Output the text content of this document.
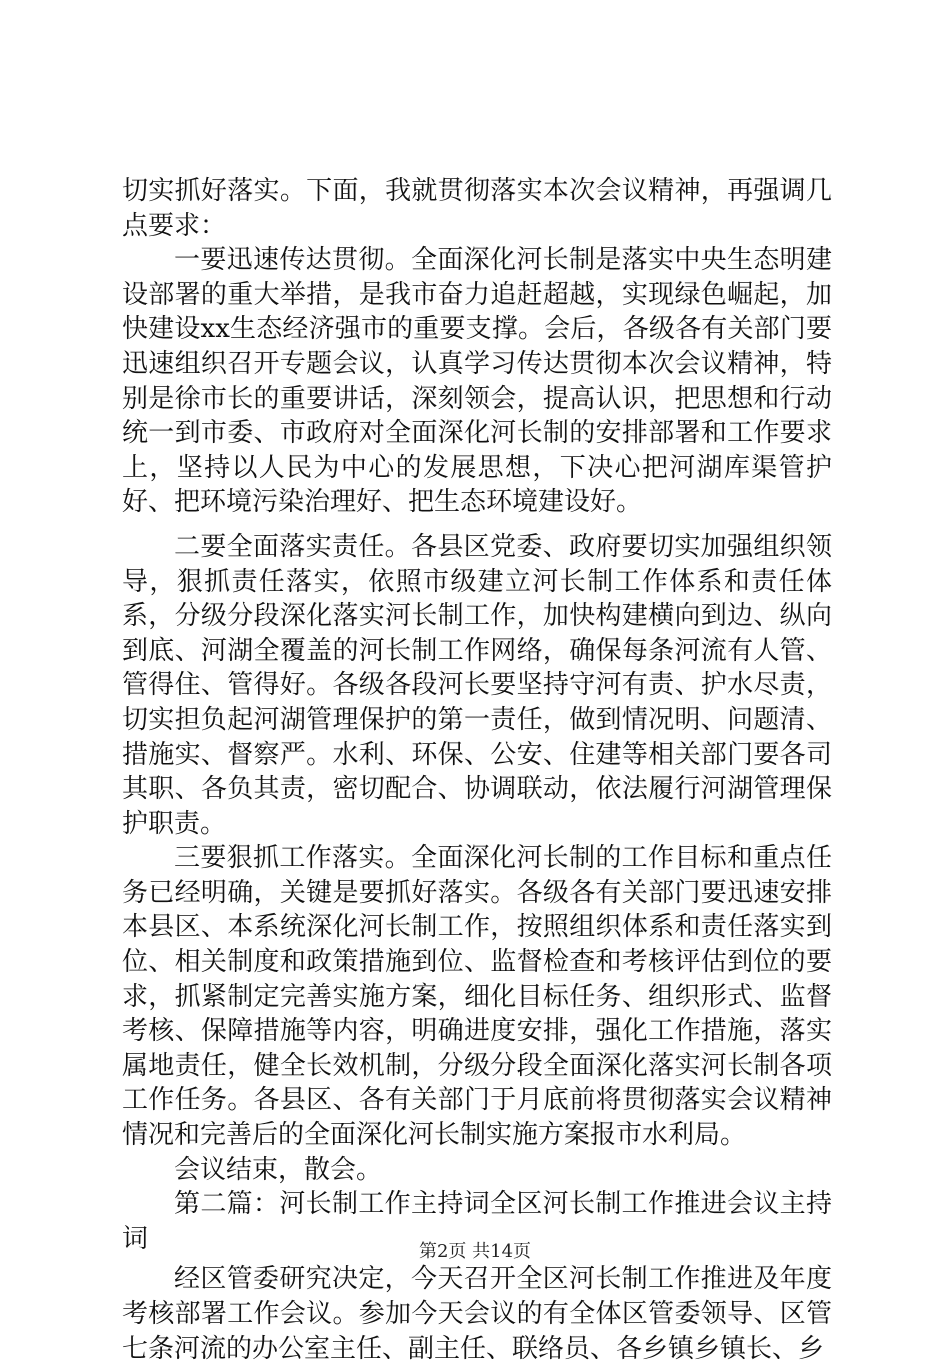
切实抓好落实。下面，我就贯彻落实本次会议精神，再强调几点要求：

一要迅速传达贯彻。全面深化河长制是落实中央生态明建设部署的重大举措，是我市奋力追赶超越，实现绿色崛起，加快建设xx生态经济强市的重要支撑。会后，各级各有关部门要迅速组织召开专题会议，认真学习传达贯彻本次会议精神，特别是徐市长的重要讲话，深刻领会，提高认识，把思想和行动统一到市委、市政府对全面深化河长制的安排部署和工作要求上，坚持以人民为中心的发展思想，下决心把河湖库渠管护好、把环境污染治理好、把生态环境建设好。

二要全面落实责任。各县区党委、政府要切实加强组织领导，狠抓责任落实，依照市级建立河长制工作体系和责任体系，分级分段深化落实河长制工作，加快构建横向到边、纵向到底、河湖全覆盖的河长制工作网络，确保每条河流有人管、管得住、管得好。各级各段河长要坚持守河有责、护水尽责，切实担负起河湖管理保护的第一责任，做到情况明、问题清、措施实、督察严。水利、环保、公安、住建等相关部门要各司其职、各负其责，密切配合、协调联动，依法履行河湖管理保护职责。

三要狠抓工作落实。全面深化河长制的工作目标和重点任务已经明确，关键是要抓好落实。各级各有关部门要迅速安排本县区、本系统深化河长制工作，按照组织体系和责任落实到位、相关制度和政策措施到位、监督检查和考核评估到位的要求，抓紧制定完善实施方案，细化目标任务、组织形式、监督考核、保障措施等内容，明确进度安排，强化工作措施，落实属地责任，健全长效机制，分级分段全面深化落实河长制各项工作任务。各县区、各有关部门于月底前将贯彻落实会议精神情况和完善后的全面深化河长制实施方案报市水利局。

会议结束，散会。

第二篇：河长制工作主持词全区河长制工作推进会议主持词

经区管委研究决定，今天召开全区河长制工作推进及年度考核部署工作会议。参加今天会议的有全体区管委领导、区管七条河流的办公室主任、副主任、联络员、各乡镇乡镇长、乡

第2页 共14页
